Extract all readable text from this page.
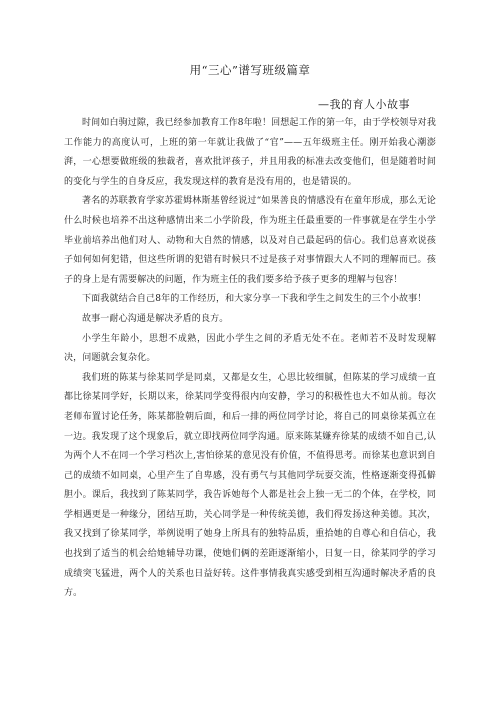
用“三心”谱写班级篇章
—我的育人小故事

时间如白驹过隙，我已经参加教育工作8年啦！回想起工作的第一年，由于学校领导对我工作能力的高度认可，上班的第一年就让我做了“官”——五年级班主任。刚开始我心潮澎湃，一心想要做班级的独裁者，喜欢批评孩子，并且用我的标准去改变他们，但是随着时间的变化与学生的自身反应，我发现这样的教育是没有用的，也是错误的。

著名的苏联教育学家苏霍姆林斯基曾经说过“如果善良的情感没有在童年形成，那么无论什么时候也培养不出这种感情出来二小学阶段，作为班主任最重要的一件事就是在学生小学毕业前培养出他们对人、动物和大自然的情感，以及对自己最起码的信心。我们总喜欢说孩子如何如何犯错，但这些所谓的犯错有时候只不过是孩子对事情跟大人不同的理解而已。孩子的身上是有需要解决的问题，作为班主任的我们要多给予孩子更多的理解与包容！

下面我就结合自己8年的工作经历，和大家分享一下我和学生之间发生的三个小故事！

故事一耐心沟通是解决矛盾的良方。

小学生年龄小，思想不成熟，因此小学生之间的矛盾无处不在。老师若不及时发现解决，问题就会复杂化。

我们班的陈某与徐某同学是同桌，又都是女生，心思比较细腻，但陈某的学习成绩一直都比徐某同学好，长期以来，徐某同学变得很内向安静，学习的积极性也大不如从前。每次老师布置讨论任务，陈某都脸朝后面，和后一排的两位同学讨论，将自己的同桌徐某孤立在一边。我发现了这个现象后，就立即找两位同学沟通。原来陈某嫌弃徐某的成绩不如自己,认为两个人不在同一个学习档次上,害怕徐某的意见没有价值，不值得思考。而徐某也意识到自己的成绩不如同桌，心里产生了自卑感，没有勇气与其他同学玩耍交流，性格逐渐变得孤僻胆小。课后，我找到了陈某同学，我告诉她每个人都是社会上独一无二的个体，在学校，同学相遇更是一种缘分，团结互助，关心同学是一种传统美德，我们得发扬这种美德。其次，我又找到了徐某同学，举例说明了她身上所具有的独特品质，重拾她的自尊心和自信心，我也找到了适当的机会给她辅导功课，使她们俩的差距逐渐缩小，日复一日，徐某同学的学习成绩突飞猛进，两个人的关系也日益好转。这件事情我真实感受到相互沟通时解决矛盾的良方。
